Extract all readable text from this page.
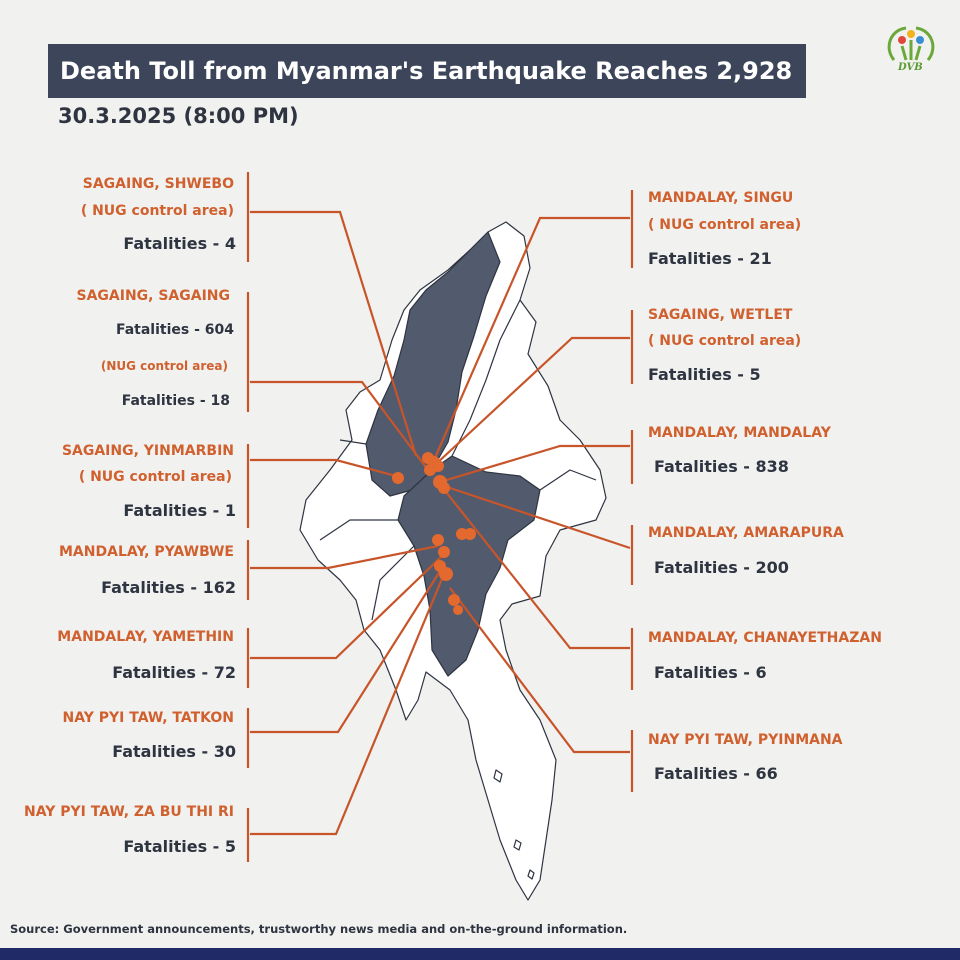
Death Toll from Myanmar's Earthquake Reaches 2,928
30.3.2025 (8:00 PM)
DVB
SAGAING, SHWEBO
( NUG control area)
Fatalities - 4
SAGAING, SAGAING
Fatalities - 604
(NUG control area)
Fatalities - 18
SAGAING, YINMARBIN
( NUG control area)
Fatalities - 1
MANDALAY, PYAWBWE
Fatalities - 162
MANDALAY, YAMETHIN
Fatalities - 72
NAY PYI TAW, TATKON
Fatalities - 30
NAY PYI TAW, ZA BU THI RI
Fatalities - 5
MANDALAY, SINGU
( NUG control area)
Fatalities - 21
SAGAING, WETLET
( NUG control area)
Fatalities - 5
MANDALAY, MANDALAY
Fatalities - 838
MANDALAY, AMARAPURA
Fatalities - 200
MANDALAY, CHANAYETHAZAN
Fatalities - 6
NAY PYI TAW, PYINMANA
Fatalities - 66
Source: Government announcements, trustworthy news media and on-the-ground information.
